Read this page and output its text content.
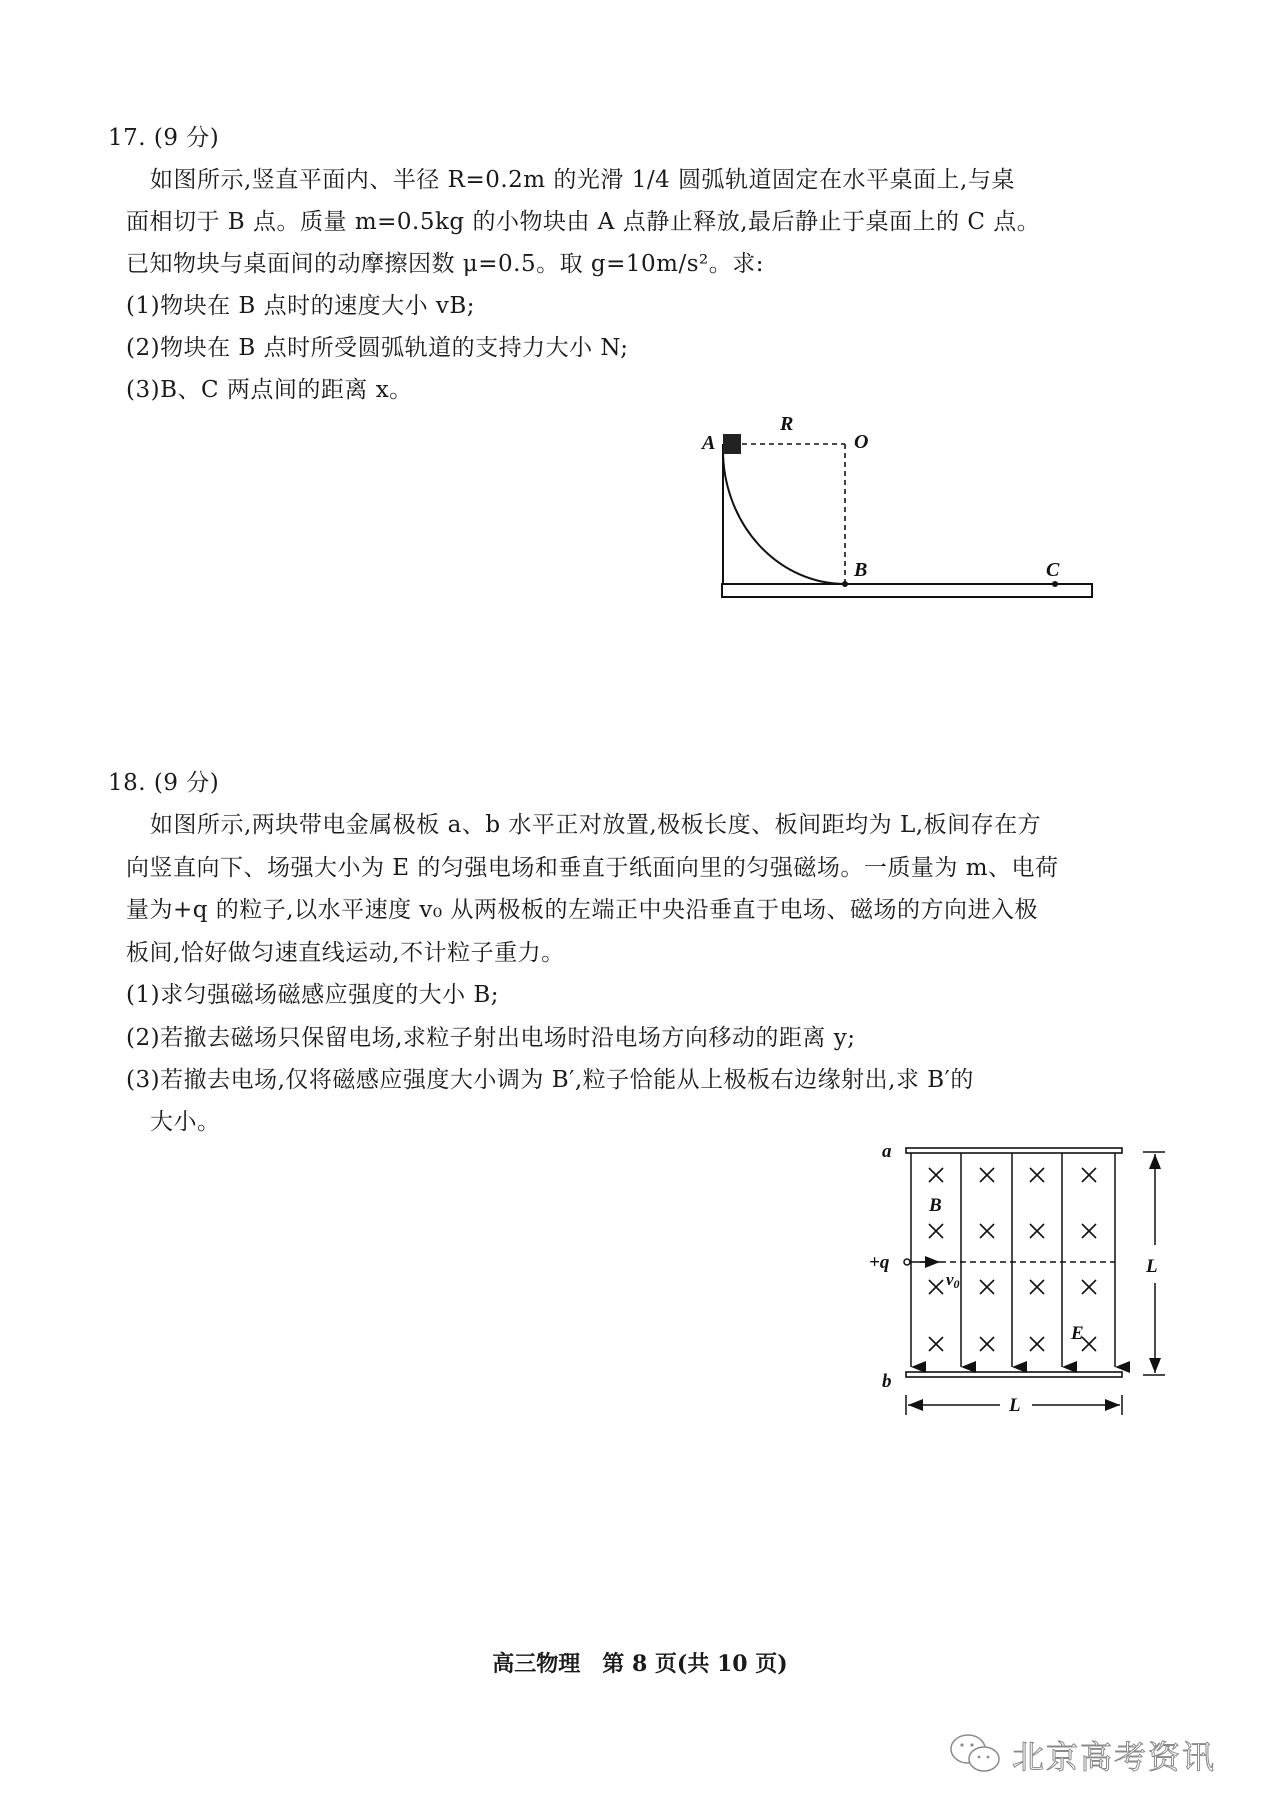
17. (9 分)
如图所示,竖直平面内、半径 R=0.2m 的光滑 1/4 圆弧轨道固定在水平桌面上,与桌
面相切于 B 点。质量 m=0.5kg 的小物块由 A 点静止释放,最后静止于桌面上的 C 点。
已知物块与桌面间的动摩擦因数 μ=0.5。取 g=10m/s²。求:
(1)物块在 B 点时的速度大小 vB;
(2)物块在 B 点时所受圆弧轨道的支持力大小 N;
(3)B、C 两点间的距离 x。
A
R
O
B	C
18. (9 分)
如图所示,两块带电金属极板 a、b 水平正对放置,极板长度、板间距均为 L,板间存在方
向竖直向下、场强大小为 E 的匀强电场和垂直于纸面向里的匀强磁场。一质量为 m、电荷
量为+q 的粒子,以水平速度 v₀ 从两极板的左端正中央沿垂直于电场、磁场的方向进入极
板间,恰好做匀速直线运动,不计粒子重力。
(1)求匀强磁场磁感应强度的大小 B;
(2)若撤去磁场只保留电场,求粒子射出电场时沿电场方向移动的距离 y;
(3)若撤去电场,仅将磁感应强度大小调为 B′,粒子恰能从上极板右边缘射出,求 B′的
大小。
a
b
B
E
+q
v0
L
L
高三物理　第 8 页(共 10 页)
北京高考资讯
